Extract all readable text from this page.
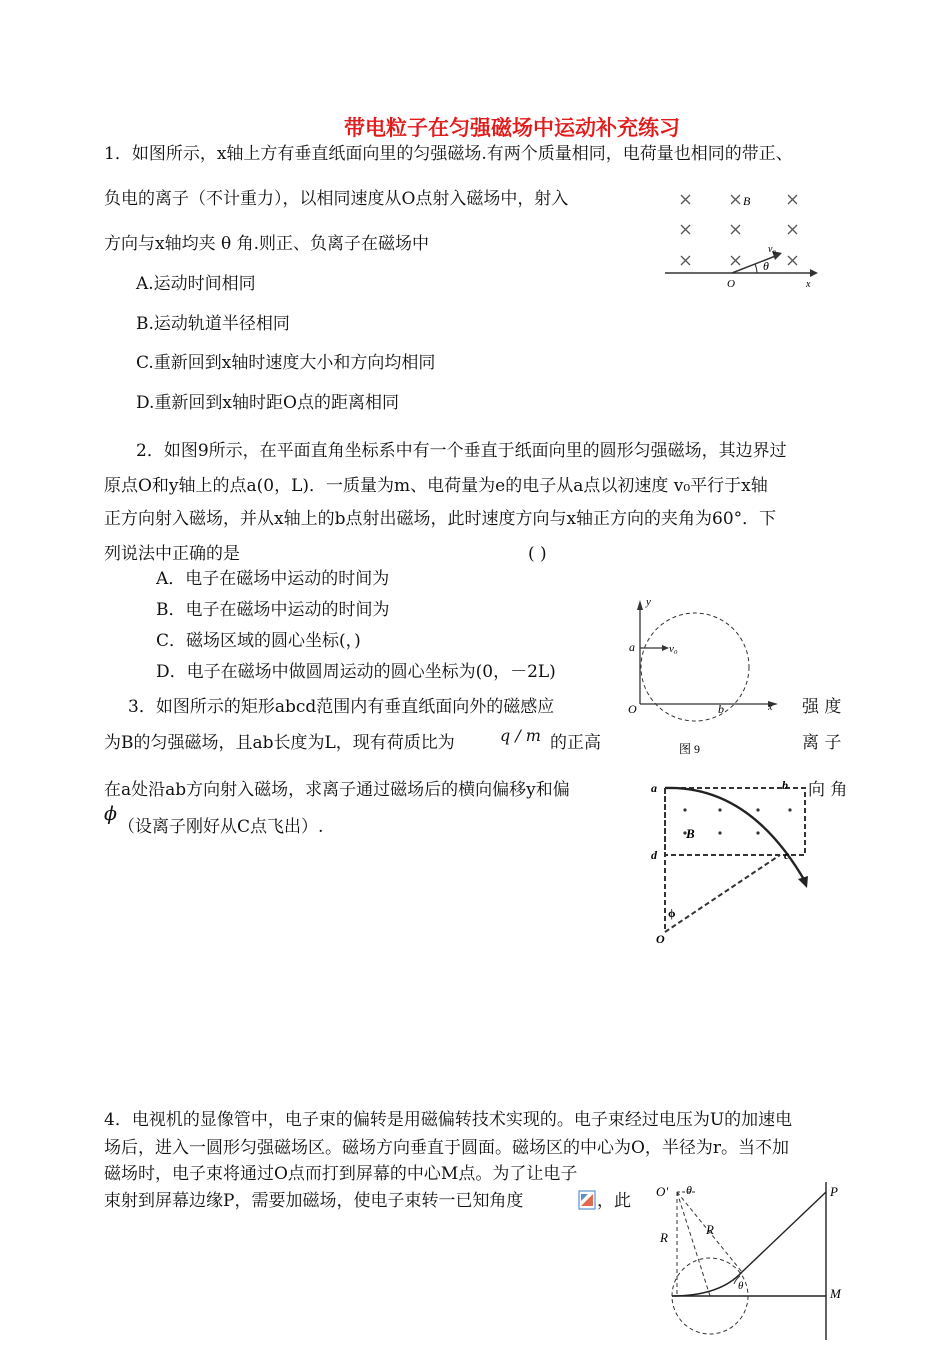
带电粒子在匀强磁场中运动补充练习
1．如图所示，x轴上方有垂直纸面向里的匀强磁场.有两个质量相同，电荷量也相同的带正、
负电的离子（不计重力），以相同速度从O点射入磁场中，射入
方向与x轴均夹 θ 角.则正、负离子在磁场中
A.运动时间相同
B.运动轨道半径相同
C.重新回到x轴时速度大小和方向均相同
D.重新回到x轴时距O点的距离相同
B
v₀
θ
O	x
2．如图9所示，在平面直角坐标系中有一个垂直于纸面向里的圆形匀强磁场，其边界过
原点O和y轴上的点a(0，L)．一质量为m、电荷量为e的电子从a点以初速度 v₀平行于x轴
正方向射入磁场，并从x轴上的b点射出磁场，此时速度方向与x轴正方向的夹角为60°．下
列说法中正确的是	( )
A．电子在磁场中运动的时间为
B．电子在磁场中运动的时间为
C．磁场区域的圆心坐标(，)
D．电子在磁场中做圆周运动的圆心坐标为(0，－2L)
y
a	v₀
O	b	x
图 9
3．如图所示的矩形abcd范围内有垂直纸面向外的磁感应	强 度
为B的匀强磁场，且ab长度为L，现有荷质比为	q / m 的正高	离 子
在a处沿ab方向射入磁场，求离子通过磁场后的横向偏移y和偏	向 角
ϕ
（设离子刚好从C点飞出）.
a	b
c
d
B
ϕ
O
4．电视机的显像管中，电子束的偏转是用磁偏转技术实现的。电子束经过电压为U的加速电
场后，进入一圆形匀强磁场区。磁场方向垂直于圆面。磁场区的中心为O，半径为r。当不加
磁场时，电子束将通过O点而打到屏幕的中心M点。为了让电子
束射到屏幕边缘P，需要加磁场，使电子束转一已知角度	，此 O' θ
R
R
P
M
θ
